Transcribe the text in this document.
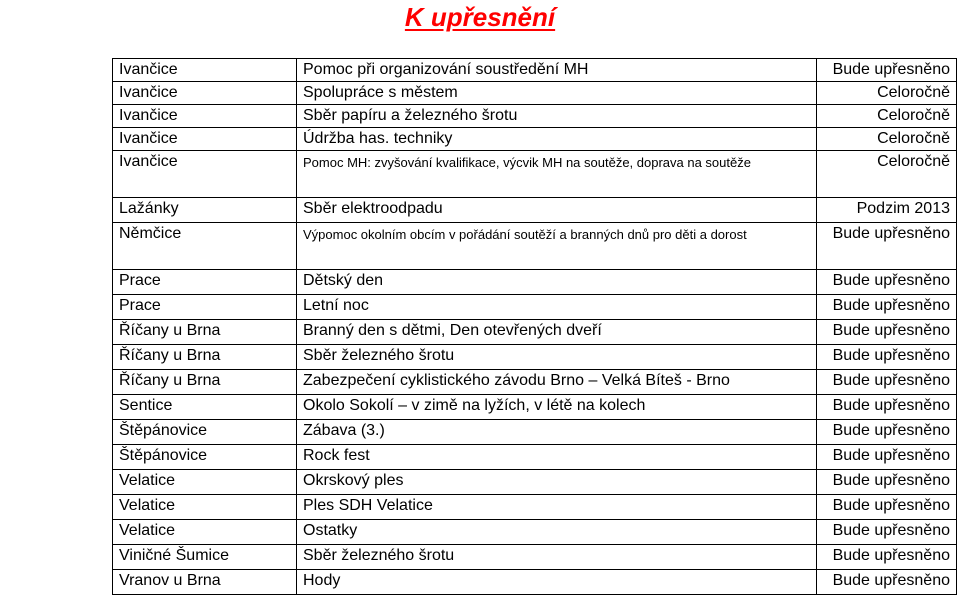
K upřesnění
Ivančice	Pomoc při organizování soustředění MH	Bude upřesněno
Ivančice	Spolupráce s městem	Celoročně
Ivančice	Sběr papíru a železného šrotu	Celoročně
Ivančice	Údržba has. techniky	Celoročně
Ivančice	Pomoc MH: zvyšování kvalifikace, výcvik MH na soutěže, doprava na soutěže	Celoročně
Lažánky	Sběr elektroodpadu	Podzim 2013
Němčice	Výpomoc okolním obcím v pořádání soutěží a branných dnů pro děti a dorost	Bude upřesněno
Prace	Dětský den	Bude upřesněno
Prace	Letní noc	Bude upřesněno
Říčany u Brna	Branný den s dětmi, Den otevřených dveří	Bude upřesněno
Říčany u Brna	Sběr železného šrotu	Bude upřesněno
Říčany u Brna	Zabezpečení cyklistického závodu Brno – Velká Bíteš - Brno	Bude upřesněno
Sentice	Okolo Sokolí – v zimě na lyžích, v létě na kolech	Bude upřesněno
Štěpánovice	Zábava (3.)	Bude upřesněno
Štěpánovice	Rock fest	Bude upřesněno
Velatice	Okrskový ples	Bude upřesněno
Velatice	Ples SDH Velatice	Bude upřesněno
Velatice	Ostatky	Bude upřesněno
Viničné Šumice	Sběr železného šrotu	Bude upřesněno
Vranov u Brna	Hody	Bude upřesněno
